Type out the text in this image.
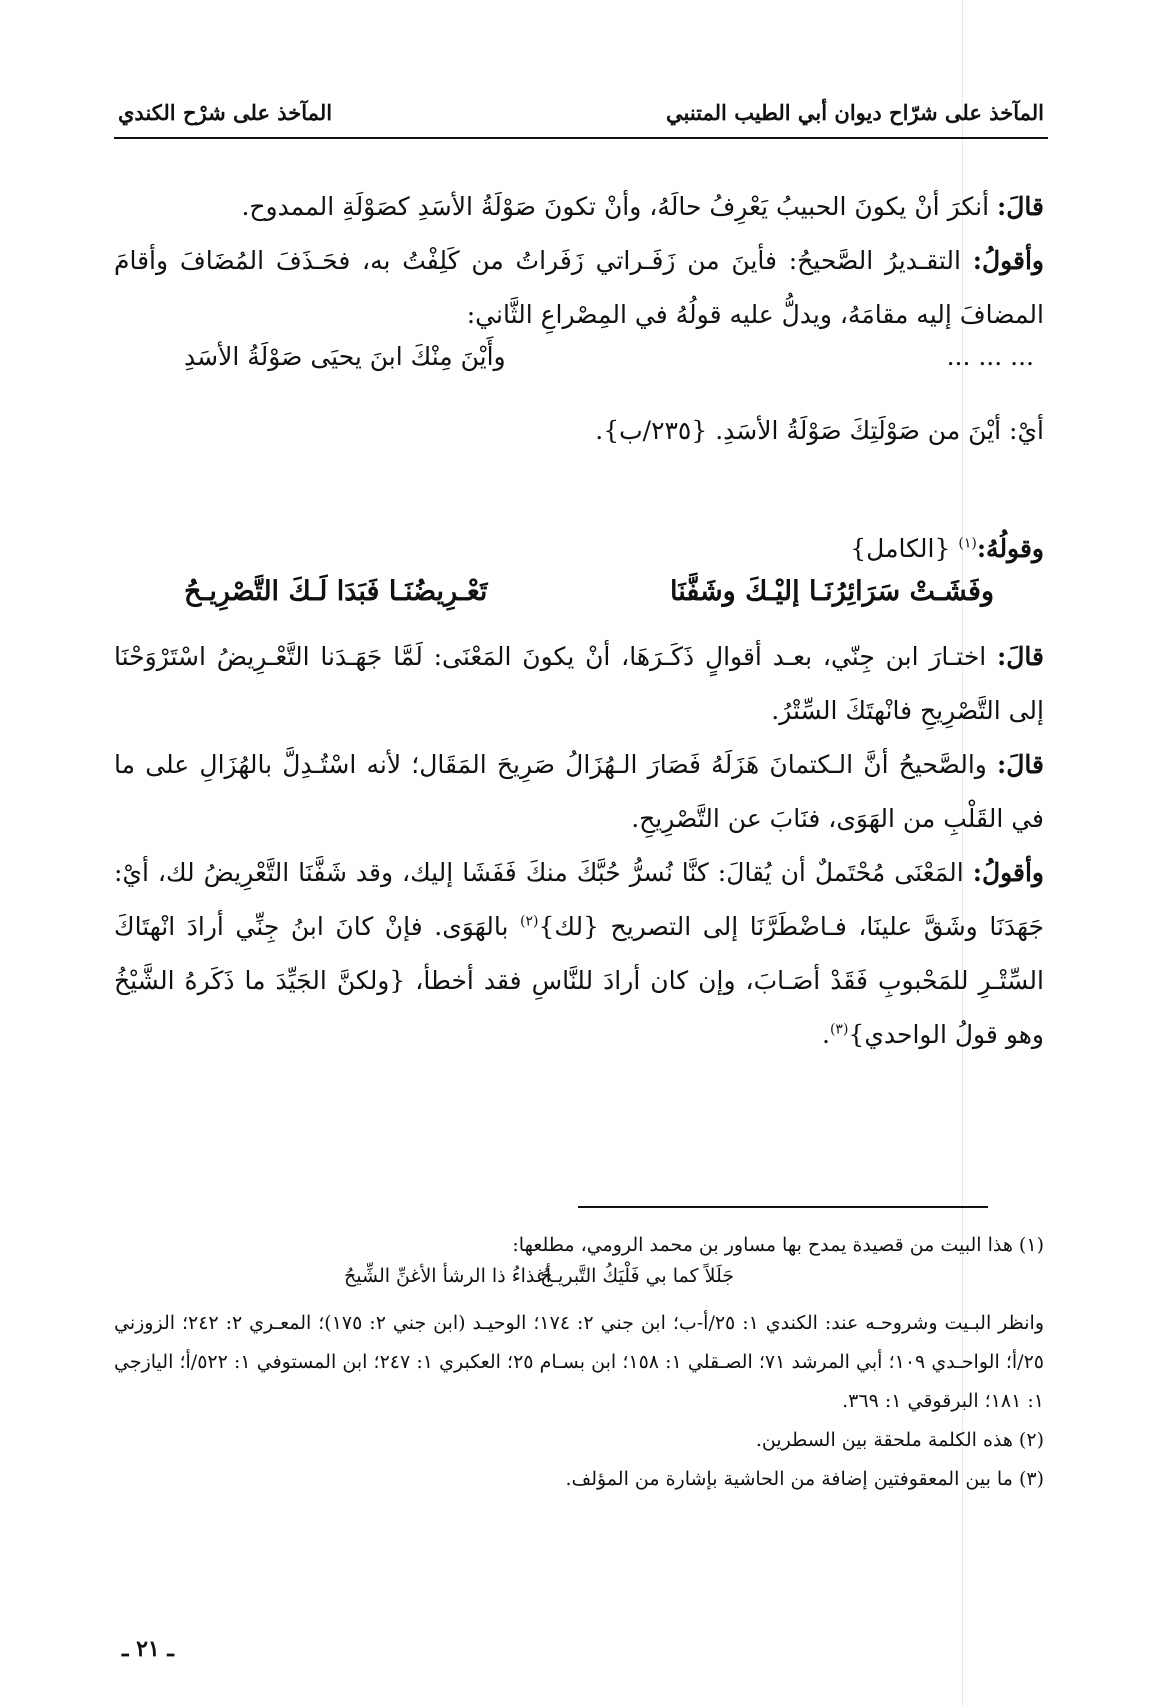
المآخذ على شرّاح ديوان أبي الطيب المتنبي
المآخذ على شرْح الكندي

قالَ: أنكرَ أنْ يكونَ الحبيبُ يَعْرِفُ حالَهُ، وأنْ تكونَ صَوْلَةُ الأسَدِ كصَوْلَةِ الممدوح.

وأقولُ: التقـديرُ الصَّحيحُ: فأينَ من زَفَـراتي زَفَراتُ من كَلِفْتُ به، فحَـذَفَ المُضَافَ وأقامَ المضافَ إليه مقامَهُ، ويدلُّ عليه قولُهُ في المِصْراعِ الثَّاني:

... ... ...
وأَيْنَ مِنْكَ ابنَ يحيَى صَوْلَةُ الأسَدِ

أيْ: أيْنَ من صَوْلَتِكَ صَوْلَةُ الأسَدِ. {٢٣٥/ب}.

وقولُهُ:$^{(١)}$ {الكامل}

وفَشَـتْ سَرَائِرُنَـا إليْـكَ وشَفَّنَا
تَعْـرِيضُنَـا فَبَدَا لَـكَ التَّصْرِيـحُ

قالَ: اختـارَ ابن جِنّي، بعـد أقوالٍ ذَكَـرَهَا، أنْ يكونَ المَعْنَى: لَمَّا جَهَـدَنا التَّعْـرِيضُ اسْتَرْوَحْنَا إلى التَّصْرِيحِ فانْهتَكَ السِّتْرُ.

قالَ: والصَّحيحُ أنَّ الـكتمانَ هَزَلَهُ فَصَارَ الـهُزَالُ صَرِيحَ المَقَال؛ لأنه اسْتُـدِلَّ بالهُزَالِ على ما في القَلْبِ من الهَوَى، فنَابَ عن التَّصْرِيحِ.

وأقولُ: المَعْنَى مُحْتَملٌ أن يُقالَ: كنَّا نُسرُّ حُبَّكَ منكَ فَفَشَا إليك، وقد شَفَّنَا التَّعْرِيضُ لك، أيْ: جَهَدَنَا وشَقَّ علينَا، فـاضْطَرَّنَا إلى التصريح {لك}$^{(٢)}$ بالهَوَى. فإنْ كانَ ابنُ جِنِّي أرادَ انْهتَاكَ السِّتْـرِ للمَحْبوبِ فَقَدْ أصَـابَ، وإن كان أرادَ للنَّاسِ فقد أخطأ، {ولكنَّ الجَيِّدَ ما ذَكَرهُ الشَّيْخُ وهو قولُ الواحدي}$^{(٣)}$.

(١) هذا البيت من قصيدة يمدح بها مساور بن محمد الرومي، مطلعها:

جَلَلاً كما بي فَلْيَكُ التَّبريـحُ
أغذاءُ ذا الرشأ الأغنِّ الشِّيحُ

وانظر البـيت وشروحـه عند: الكندي ١: ٢٥/أ-ب؛ ابن جني ٢: ١٧٤؛ الوحيـد (ابن جني ٢: ١٧٥)؛ المعـري ٢: ٢٤٢؛ الزوزني ٢٥/أ؛ الواحـدي ١٠٩؛ أبي المرشد ٧١؛ الصـقلي ١: ١٥٨؛ ابن بسـام ٢٥؛ العكبري ١: ٢٤٧؛ ابن المستوفي ١: ٥٢٢/أ؛ اليازجي ١: ١٨١؛ البرقوقي ١: ٣٦٩.

(٢) هذه الكلمة ملحقة بين السطرين.

(٣) ما بين المعقوفتين إضافة من الحاشية بإشارة من المؤلف.

ـ ٢١ ـ
